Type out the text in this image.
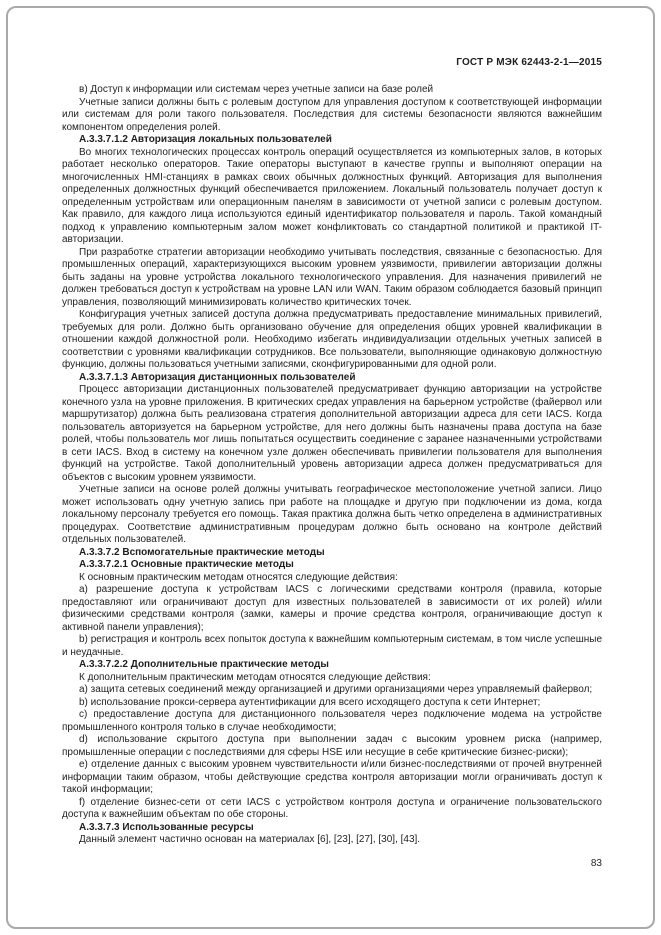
ГОСТ Р МЭК 62443-2-1—2015

в) Доступ к информации или системам через учетные записи на базе ролей

Учетные записи должны быть с ролевым доступом для управления доступом к соответствующей информации или системам для роли такого пользователя. Последствия для системы безопасности являются важнейшим компонентом определения ролей.

А.3.3.7.1.2 Авторизация локальных пользователей

Во многих технологических процессах контроль операций осуществляется из компьютерных залов, в которых работает несколько операторов. Такие операторы выступают в качестве группы и выполняют операции на многочисленных HMI-станциях в рамках своих обычных должностных функций. Авторизация для выполнения определенных должностных функций обеспечивается приложением. Локальный пользователь получает доступ к определенным устройствам или операционным панелям в зависимости от учетной записи с ролевым доступом. Как правило, для каждого лица используются единый идентификатор пользователя и пароль. Такой командный подход к управлению компьютерным залом может конфликтовать со стандартной политикой и практикой IT-авторизации.

При разработке стратегии авторизации необходимо учитывать последствия, связанные с безопасностью. Для промышленных операций, характеризующихся высоким уровнем уязвимости, привилегии авторизации должны быть заданы на уровне устройства локального технологического управления. Для назначения привилегий не должен требоваться доступ к устройствам на уровне LAN или WAN. Таким образом соблюдается базовый принцип управления, позволяющий минимизировать количество критических точек.

Конфигурация учетных записей доступа должна предусматривать предоставление минимальных привилегий, требуемых для роли. Должно быть организовано обучение для определения общих уровней квалификации в отношении каждой должностной роли. Необходимо избегать индивидуализации отдельных учетных записей в соответствии с уровнями квалификации сотрудников. Все пользователи, выполняющие одинаковую должностную функцию, должны пользоваться учетными записями, сконфигурированными для одной роли.

А.3.3.7.1.3 Авторизация дистанционных пользователей

Процесс авторизации дистанционных пользователей предусматривает функцию авторизации на устройстве конечного узла на уровне приложения. В критических средах управления на барьерном устройстве (файервол или маршрутизатор) должна быть реализована стратегия дополнительной авторизации адреса для сети IACS. Когда пользователь авторизуется на барьерном устройстве, для него должны быть назначены права доступа на базе ролей, чтобы пользователь мог лишь попытаться осуществить соединение с заранее назначенными устройствами в сети IACS. Вход в систему на конечном узле должен обеспечивать привилегии пользователя для выполнения функций на устройстве. Такой дополнительный уровень авторизации адреса должен предусматриваться для объектов с высоким уровнем уязвимости.

Учетные записи на основе ролей должны учитывать географическое местоположение учетной записи. Лицо может использовать одну учетную запись при работе на площадке и другую при подключении из дома, когда локальному персоналу требуется его помощь. Такая практика должна быть четко определена в административных процедурах. Соответствие административным процедурам должно быть основано на контроле действий отдельных пользователей.

А.3.3.7.2 Вспомогательные практические методы

А.3.3.7.2.1 Основные практические методы

К основным практическим методам относятся следующие действия:

а) разрешение доступа к устройствам IACS с логическими средствами контроля (правила, которые предоставляют или ограничивают доступ для известных пользователей в зависимости от их ролей) и/или физическими средствами контроля (замки, камеры и прочие средства контроля, ограничивающие доступ к активной панели управления);

b) регистрация и контроль всех попыток доступа к важнейшим компьютерным системам, в том числе успешные и неудачные.

А.3.3.7.2.2 Дополнительные практические методы

К дополнительным практическим методам относятся следующие действия:

а) защита сетевых соединений между организацией и другими организациями через управляемый файервол;

b) использование прокси-сервера аутентификации для всего исходящего доступа к сети Интернет;

с) предоставление доступа для дистанционного пользователя через подключение модема на устройстве промышленного контроля только в случае необходимости;

d) использование скрытого доступа при выполнении задач с высоким уровнем риска (например, промышленные операции с последствиями для сферы HSE или несущие в себе критические бизнес-риски);

е) отделение данных с высоким уровнем чувствительности и/или бизнес-последствиями от прочей внутренней информации таким образом, чтобы действующие средства контроля авторизации могли ограничивать доступ к такой информации;

f) отделение бизнес-сети от сети IACS с устройством контроля доступа и ограничение пользовательского доступа к важнейшим объектам по обе стороны.

А.3.3.7.3 Использованные ресурсы

Данный элемент частично основан на материалах [6], [23], [27], [30], [43].

83
